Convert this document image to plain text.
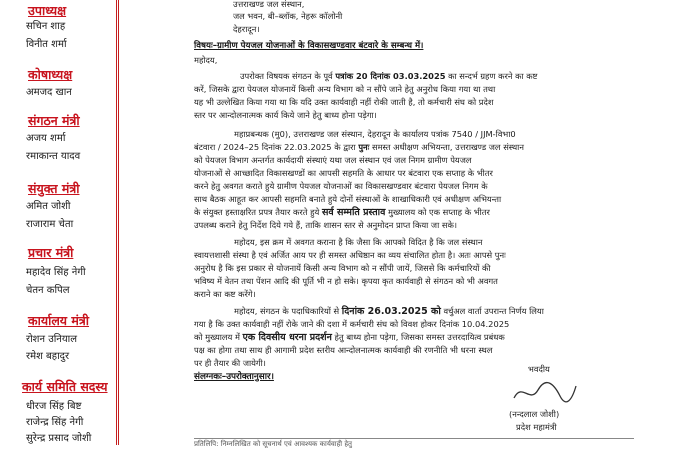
उपाध्यक्ष
सचिन शाह
विनीत शर्मा
कोषाध्यक्ष
अमजद खान
संगठन मंत्री
अजय शर्मा
रमाकान्त यादव
संयुक्त मंत्री
अमित जोशी
राजाराम चेता
प्रचार मंत्री
महादेव सिंह नेगी
चेतन कपिल
कार्यालय मंत्री
रोशन उनियाल
रमेश बहादुर
कार्य समिति सदस्य
धीरज सिंह बिष्ट
राजेन्द्र सिंह नेगी
सुरेन्द्र प्रसाद जोशी
उत्तराखण्ड जल संस्थान,
जल भवन, बी–ब्लॉक, नेहरू कॉलोनी
देहरादून।
विषयः–ग्रामीण पेयजल योजनाओं के विकासखण्डवार बंटवारे के सम्बन्ध में।
महोदय,
उपरोक्त विषयक संगठन के पूर्व पत्रांक 20 दिनांक 03.03.2025 का सन्दर्भ ग्रहण करने का कष्ट
करें, जिसके द्वारा पेयजल योजनायें किसी अन्य विभाग को न सौंपे जाने हेतु अनुरोध किया गया था तथा
यह भी उल्लेखित किया गया था कि यदि उक्त कार्यवाही नहीं रोकी जाती है, तो कर्मचारी संघ को प्रदेश
स्तर पर आन्दोलनात्मक कार्य किये जाने हेतु बाध्य होना पड़ेगा।
महाप्रबन्धक (मु0), उत्तराखण्ड जल संस्थान, देहरादून के कार्यालय पत्रांक 7540 / JJM-विभा0
बंटवारा / 2024–25 दिनांक 22.03.2025 के द्वारा पुनः समस्त अधीक्षण अभियन्ता, उत्तराखण्ड जल संस्थान
को पेयजल विभाग अन्तर्गत कार्यदायी संस्थाएं यथा जल संस्थान एवं जल निगम ग्रामीण पेयजल
योजनाओं से आच्छादित विकासखण्डों का आपसी सहमति के आधार पर बंटवारा एक सप्ताह के भीतर
करने हेतु अवगत कराते हुये ग्रामीण पेयजल योजनाओं का विकासखण्डवार बंटवारा पेयजल निगम के
साथ बैठक आहूत कर आपसी सहमति बनाते हुये दोनों संस्थाओं के शाखाधिकारी एवं अधीक्षण अभियन्ता
के संयुक्त हस्ताक्षरित प्रपत्र तैयार करते हुये सर्व सम्मति प्रस्ताव मुख्यालय को एक सप्ताह के भीतर
उपलब्ध कराने हेतु निर्देश दिये गये हैं, ताकि शासन स्तर से अनुमोदन प्राप्त किया जा सके।
महोदय, इस क्रम में अवगत कराना है कि जैसा कि आपको विदित है कि जल संस्थान
स्वायत्तशासी संस्था है एवं अर्जित आय पर ही समस्त अधिष्ठान का व्यय संचालित होता है। अतः आपसे पुनः
अनुरोध है कि इस प्रकार से योजनायें किसी अन्य विभाग को न सौंपी जायें, जिससे कि कर्मचारियों की
भविष्य में वेतन तथा पेंशन आदि की पूर्ति भी न हो सके। कृपया कृत कार्यवाही से संगठन को भी अवगत
कराने का कष्ट करेंगे।
महोदय, संगठन के पदाधिकारियों से दिनांक 26.03.2025 को वर्चुअल वार्ता उपरान्त निर्णय लिया
गया है कि उक्त कार्यवाही नहीं रोके जाने की दशा में कर्मचारी संघ को विवश होकर दिनांक 10.04.2025
को मुख्यालय में एक दिवसीय धरना प्रदर्शन हेतु बाध्य होना पड़ेगा, जिसका समस्त उत्तरदायित्व प्रबंधक
पक्ष का होगा तथा साथ ही आगामी प्रदेश स्तरीय आन्दोलनात्मक कार्यवाही की रणनीति भी धरना स्थल
पर ही तैयार की जायेगी।
संलग्नकः–उपरोक्तानुसार।
भवदीय
(नन्दलाल जोशी)
प्रदेश महामंत्री
प्रतिलिपि: निम्नलिखित को सूचनार्थ एवं आवश्यक कार्यवाही हेतु
